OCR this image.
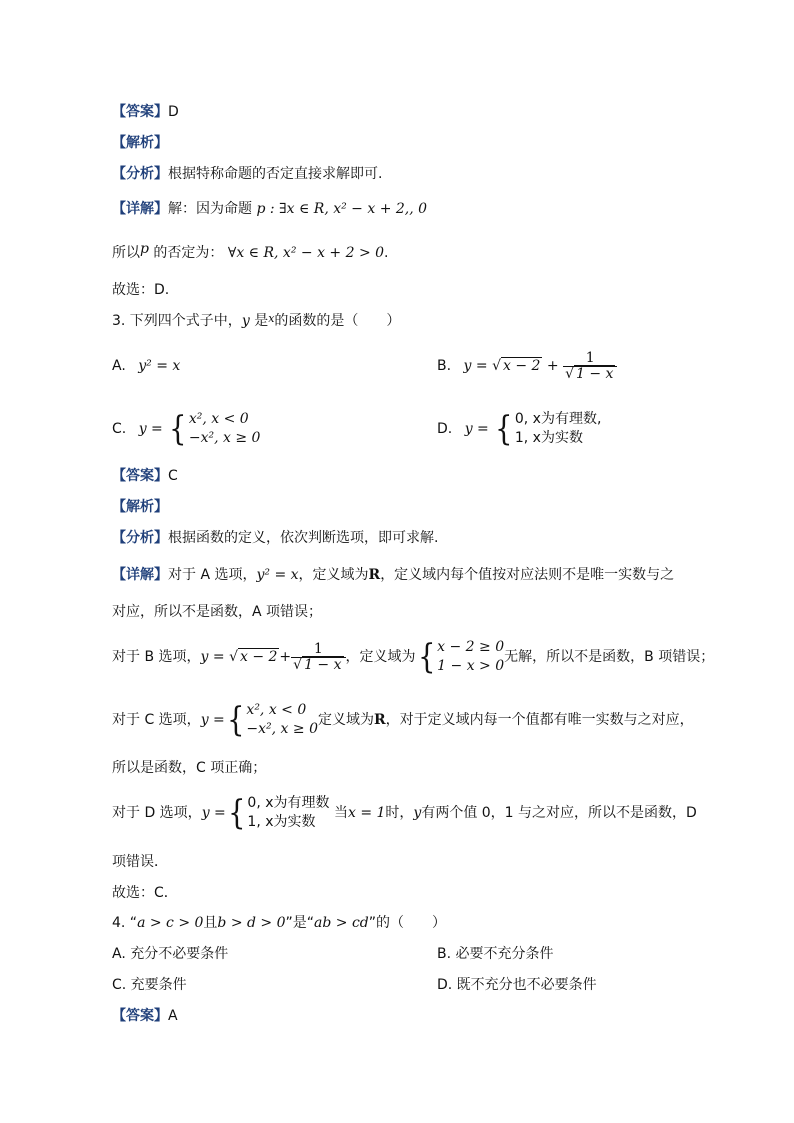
【答案】D
【解析】
【分析】根据特称命题的否定直接求解即可.
【详解】解：因为命题 p : ∃x ∈ R, x² − x + 2,, 0
所以p 的否定为： ∀x ∈ R, x² − x + 2 > 0.
故选：D.
3. 下列四个式子中，y 是$^x$的函数的是（　　）
A. y² = x	B. y = √ $x - 2 + \frac{1}{√ 1 - x}$
C. y = { x², x < 0
−x², x ≥ 0
D. y = { 0, x为有理数,
1, x为实数
【答案】C
【解析】
【分析】根据函数的定义，依次判断选项，即可求解.
【详解】对于 A 选项，y² = x，定义域为R，定义域内每个值按对应法则不是唯一实数与之
对应，所以不是函数，A 项错误；
对于 B 选项，y = √ $x - 2 + \frac{1}{√ 1 - x}$ ，定义域为{ x − 2 ≥ 0
1 − x > 0
无解，所以不是函数，B 项错误；
对于 C 选项，y ={ x², x < 0
−x², x ≥ 0
定义域为R，对于定义域内每一个值都有唯一实数与之对应，
所以是函数，C 项正确；
对于 D 选项，y ={ 0, x为有理数
1, x为实数
当x = 1时，y有两个值 0，1 与之对应，所以不是函数，D
项错误．
故选：C．
4. “a > c > 0且b > d > 0”是“ab > cd”的（　　）
A. 充分不必要条件	B. 必要不充分条件
C. 充要条件	D. 既不充分也不必要条件
【答案】A
